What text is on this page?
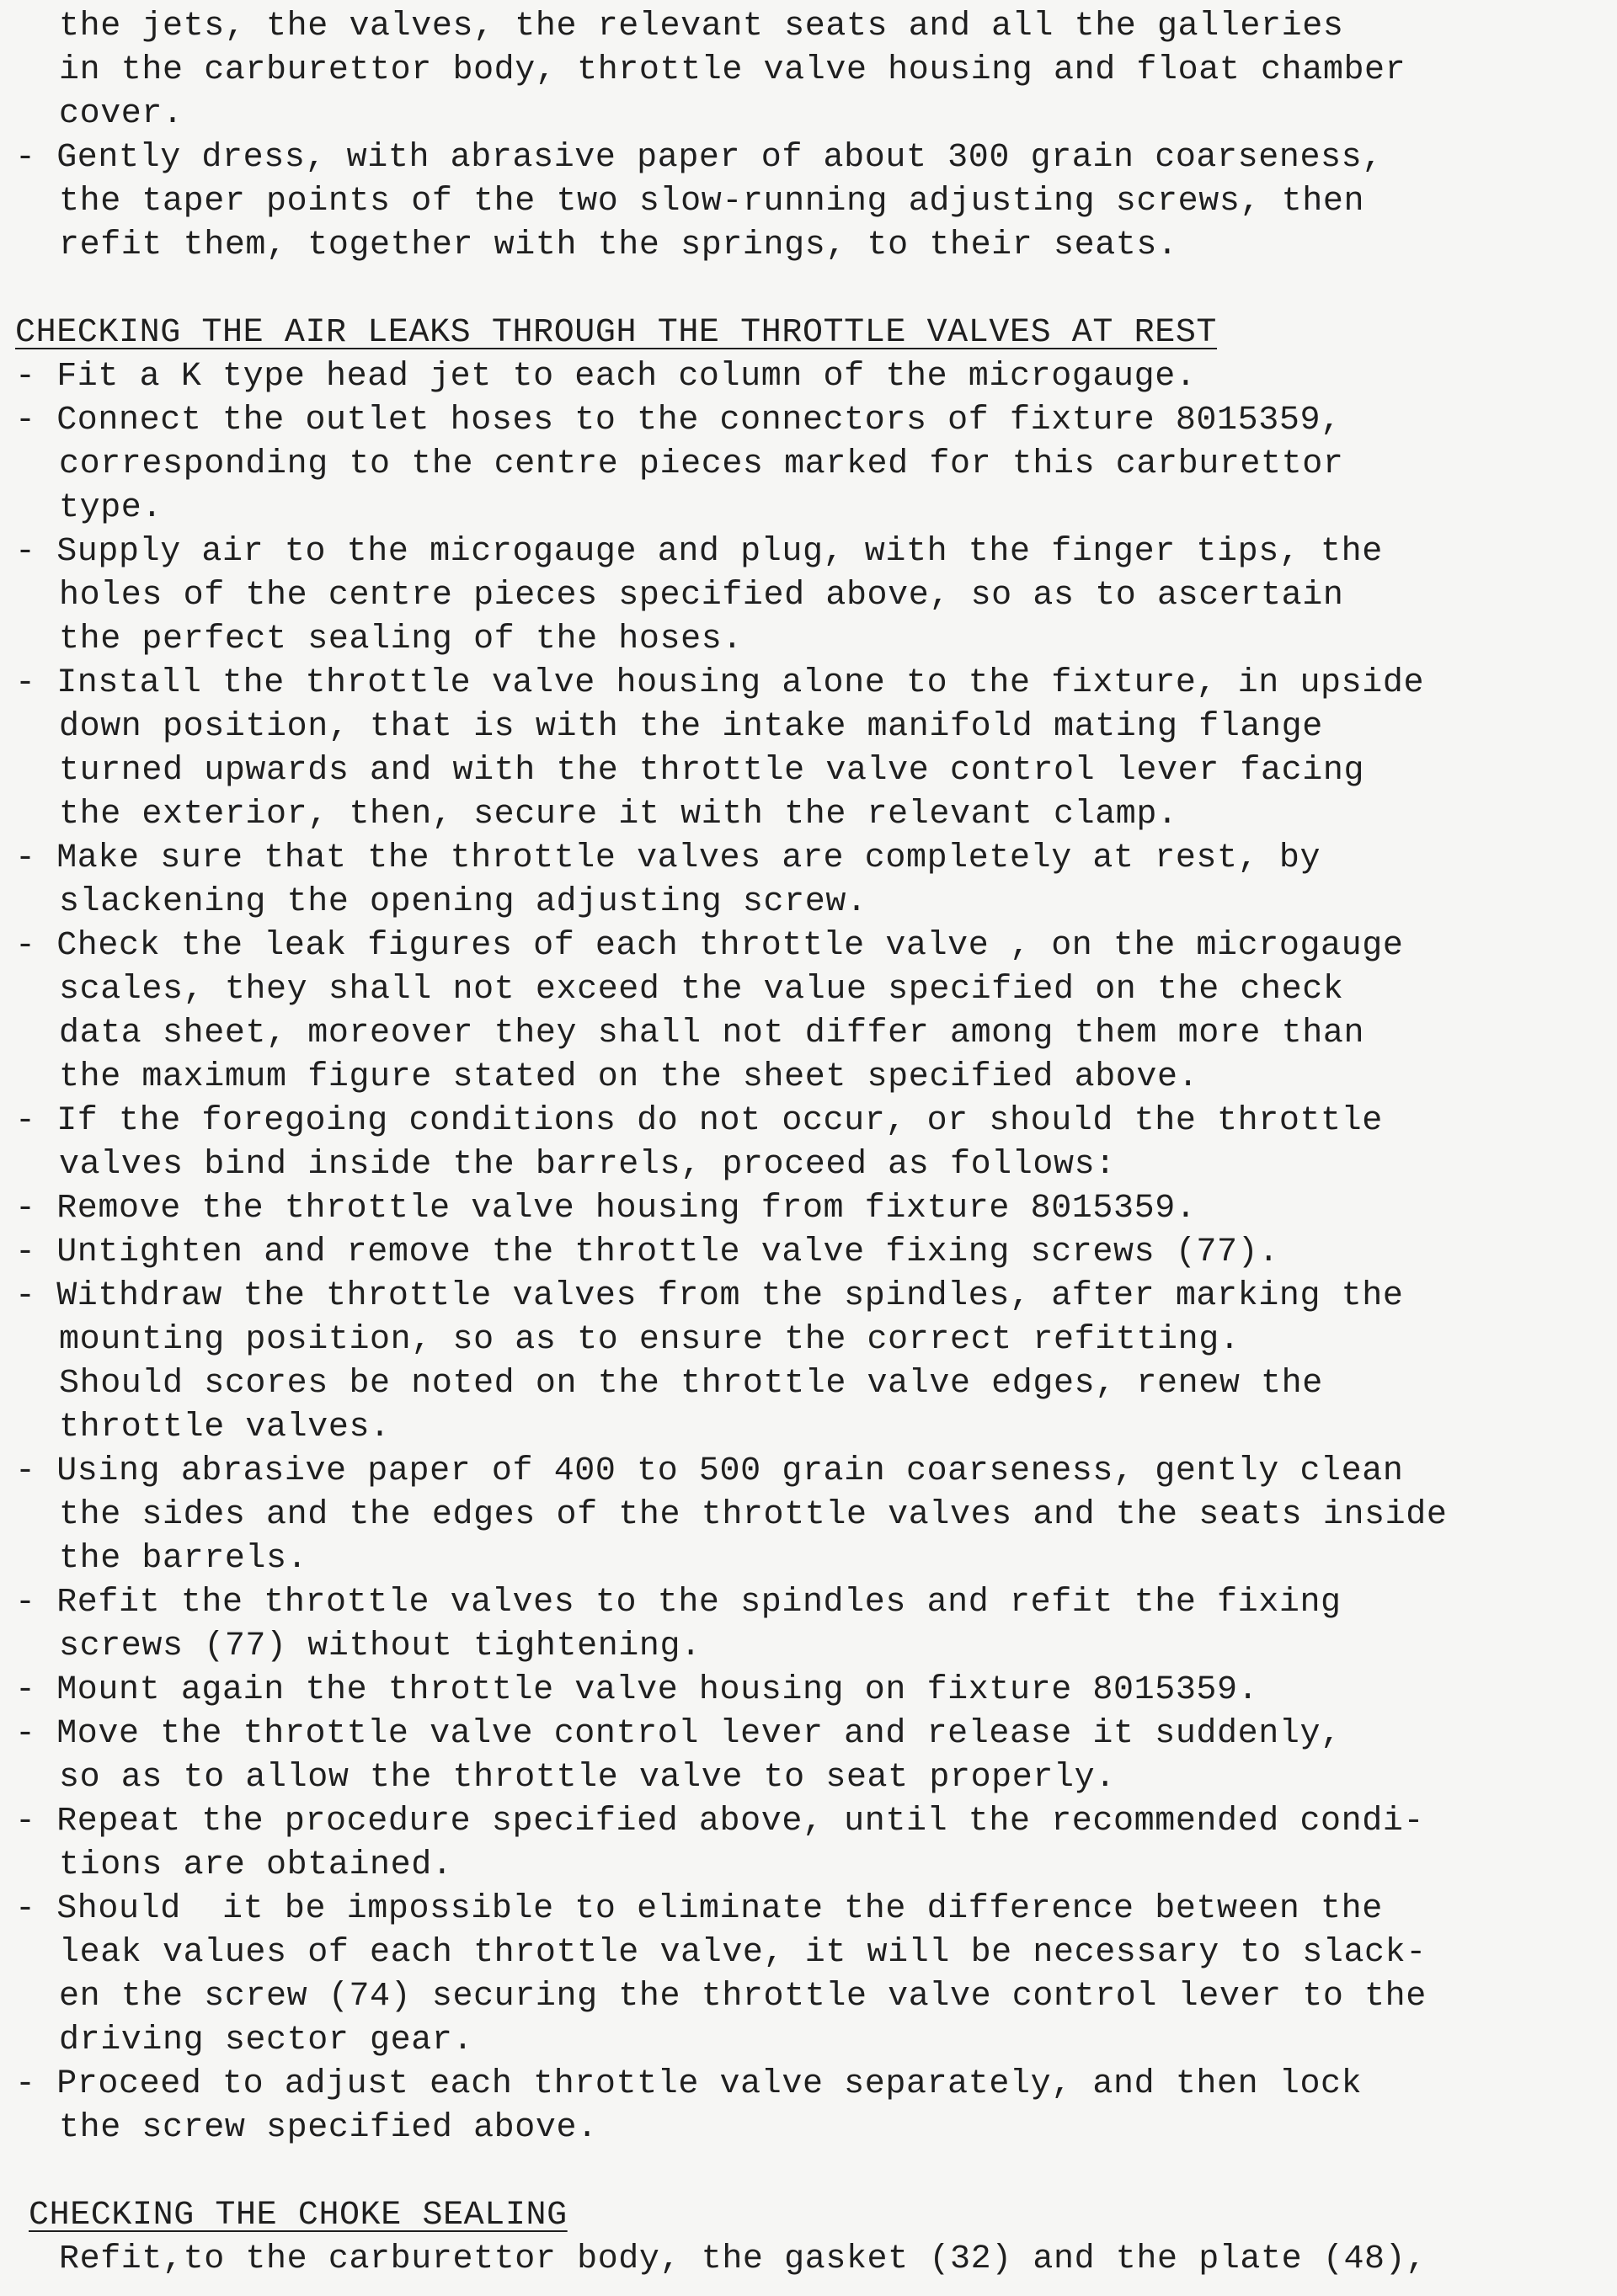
the jets, the valves, the relevant seats and all the galleries
in the carburettor body, throttle valve housing and float chamber
cover.
- Gently dress, with abrasive paper of about 300 grain coarseness,
the taper points of the two slow-running adjusting screws, then
refit them, together with the springs, to their seats.
CHECKING THE AIR LEAKS THROUGH THE THROTTLE VALVES AT REST
- Fit a K type head jet to each column of the microgauge.
- Connect the outlet hoses to the connectors of fixture 8015359,
corresponding to the centre pieces marked for this carburettor
type.
- Supply air to the microgauge and plug, with the finger tips, the
holes of the centre pieces specified above, so as to ascertain
the perfect sealing of the hoses.
- Install the throttle valve housing alone to the fixture, in upside
down position, that is with the intake manifold mating flange
turned upwards and with the throttle valve control lever facing
the exterior, then, secure it with the relevant clamp.
- Make sure that the throttle valves are completely at rest, by
slackening the opening adjusting screw.
- Check the leak figures of each throttle valve , on the microgauge
scales, they shall not exceed the value specified on the check
data sheet, moreover they shall not differ among them more than
the maximum figure stated on the sheet specified above.
- If the foregoing conditions do not occur, or should the throttle
valves bind inside the barrels, proceed as follows:
- Remove the throttle valve housing from fixture 8015359.
- Untighten and remove the throttle valve fixing screws (77).
- Withdraw the throttle valves from the spindles, after marking the
mounting position, so as to ensure the correct refitting.
Should scores be noted on the throttle valve edges, renew the
throttle valves.
- Using abrasive paper of 400 to 500 grain coarseness, gently clean
the sides and the edges of the throttle valves and the seats inside
the barrels.
- Refit the throttle valves to the spindles and refit the fixing
screws (77) without tightening.
- Mount again the throttle valve housing on fixture 8015359.
- Move the throttle valve control lever and release it suddenly,
so as to allow the throttle valve to seat properly.
- Repeat the procedure specified above, until the recommended condi-
tions are obtained.
- Should  it be impossible to eliminate the difference between the
leak values of each throttle valve, it will be necessary to slack-
en the screw (74) securing the throttle valve control lever to the
driving sector gear.
- Proceed to adjust each throttle valve separately, and then lock
the screw specified above.
CHECKING THE CHOKE SEALING
Refit,to the carburettor body, the gasket (32) and the plate (48),
